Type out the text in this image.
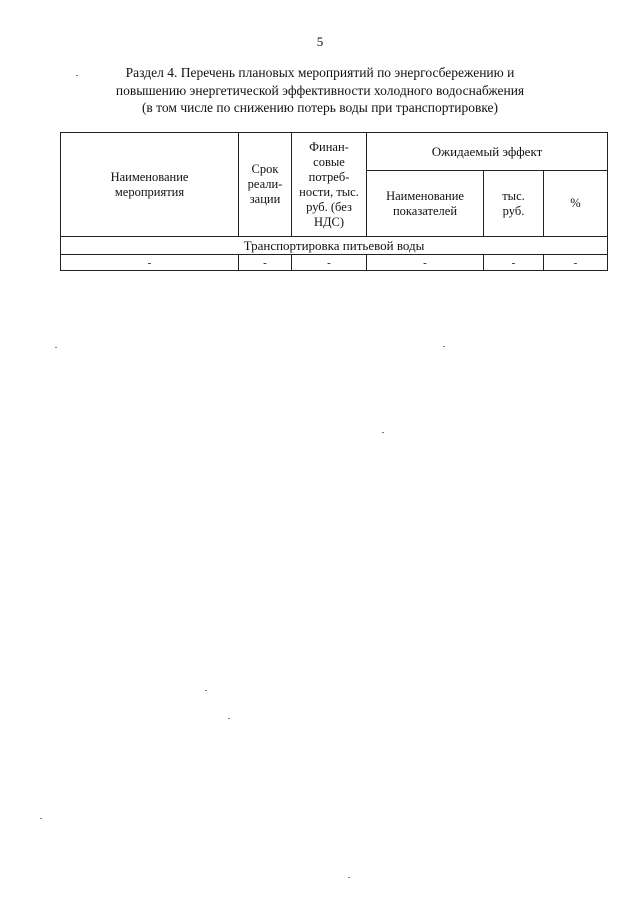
5
Раздел 4. Перечень плановых мероприятий по энергосбережению и
повышению энергетической эффективности холодного водоснабжения
(в том числе по снижению потерь воды при транспортировке)
Наименование мероприятия	Срок реали- зации	Финан- совые потреб- ности, тыс. руб. (без НДС)	Ожидаемый эффект		
			Наименование показателей	тыс. руб.	%
Транспортировка питьевой воды					
-	-	-	-	-	-
